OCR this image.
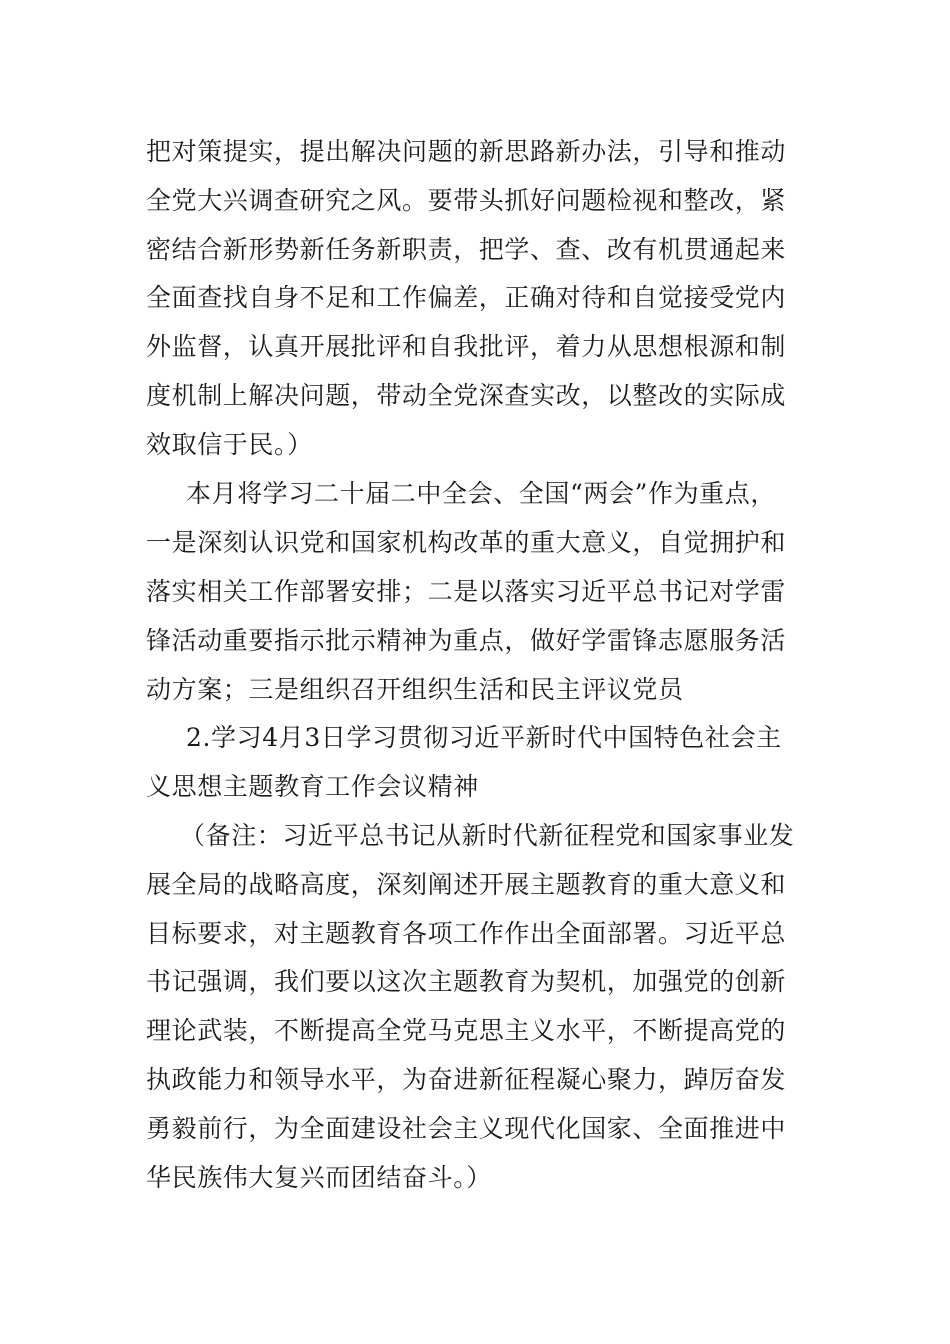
把对策提实，提出解决问题的新思路新办法，引导和推动
全党大兴调查研究之风。要带头抓好问题检视和整改，紧
密结合新形势新任务新职责，把学、查、改有机贯通起来
全面查找自身不足和工作偏差，正确对待和自觉接受党内
外监督，认真开展批评和自我批评，着力从思想根源和制
度机制上解决问题，带动全党深查实改，以整改的实际成
效取信于民。）
本月将学习二十届二中全会、全国“两会”作为重点，
一是深刻认识党和国家机构改革的重大意义，自觉拥护和
落实相关工作部署安排；二是以落实习近平总书记对学雷
锋活动重要指示批示精神为重点，做好学雷锋志愿服务活
动方案；三是组织召开组织生活和民主评议党员
2.学习4月3日学习贯彻习近平新时代中国特色社会主
义思想主题教育工作会议精神
（备注：习近平总书记从新时代新征程党和国家事业发
展全局的战略高度，深刻阐述开展主题教育的重大意义和
目标要求，对主题教育各项工作作出全面部署。习近平总
书记强调，我们要以这次主题教育为契机，加强党的创新
理论武装，不断提高全党马克思主义水平，不断提高党的
执政能力和领导水平，为奋进新征程凝心聚力，踔厉奋发
勇毅前行，为全面建设社会主义现代化国家、全面推进中
华民族伟大复兴而团结奋斗。）
